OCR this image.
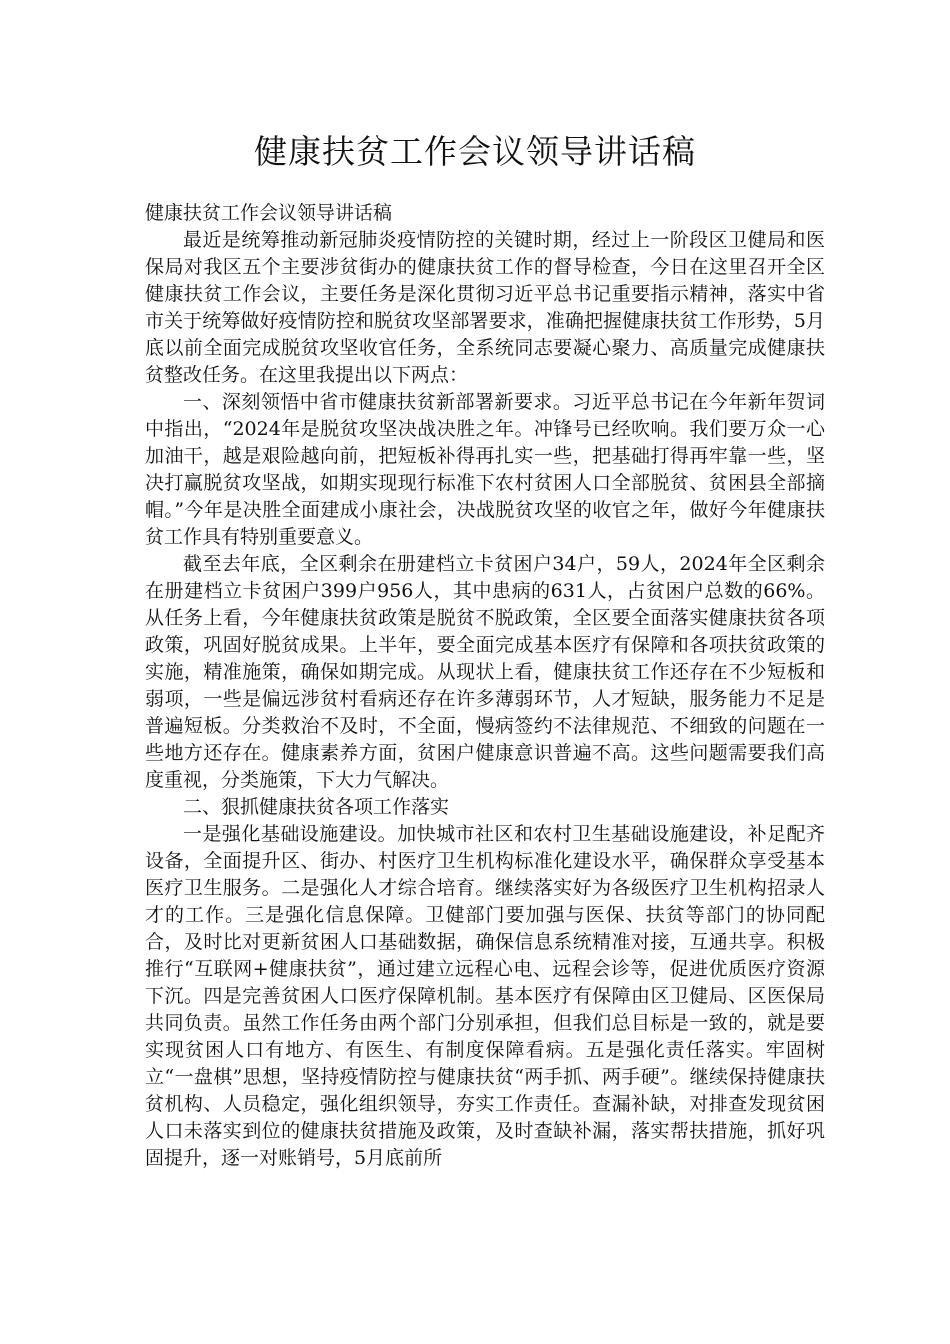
健康扶贫工作会议领导讲话稿

健康扶贫工作会议领导讲话稿

最近是统筹推动新冠肺炎疫情防控的关键时期，经过上一阶段区卫健局和医保局对我区五个主要涉贫街办的健康扶贫工作的督导检查，今日在这里召开全区健康扶贫工作会议，主要任务是深化贯彻习近平总书记重要指示精神，落实中省市关于统筹做好疫情防控和脱贫攻坚部署要求，准确把握健康扶贫工作形势，5月底以前全面完成脱贫攻坚收官任务，全系统同志要凝心聚力、高质量完成健康扶贫整改任务。在这里我提出以下两点：

一、深刻领悟中省市健康扶贫新部署新要求。习近平总书记在今年新年贺词中指出，“2024年是脱贫攻坚决战决胜之年。冲锋号已经吹响。我们要万众一心加油干，越是艰险越向前，把短板补得再扎实一些，把基础打得再牢靠一些，坚决打赢脱贫攻坚战，如期实现现行标准下农村贫困人口全部脱贫、贫困县全部摘帽。”今年是决胜全面建成小康社会，决战脱贫攻坚的收官之年，做好今年健康扶贫工作具有特别重要意义。

截至去年底，全区剩余在册建档立卡贫困户34户，59人，2024年全区剩余在册建档立卡贫困户399户956人，其中患病的631人，占贫困户总数的66%。从任务上看，今年健康扶贫政策是脱贫不脱政策，全区要全面落实健康扶贫各项政策，巩固好脱贫成果。上半年，要全面完成基本医疗有保障和各项扶贫政策的实施，精准施策，确保如期完成。从现状上看，健康扶贫工作还存在不少短板和弱项，一些是偏远涉贫村看病还存在许多薄弱环节，人才短缺，服务能力不足是普遍短板。分类救治不及时，不全面，慢病签约不法律规范、不细致的问题在一些地方还存在。健康素养方面，贫困户健康意识普遍不高。这些问题需要我们高度重视，分类施策，下大力气解决。

二、狠抓健康扶贫各项工作落实

一是强化基础设施建设。加快城市社区和农村卫生基础设施建设，补足配齐设备，全面提升区、街办、村医疗卫生机构标准化建设水平，确保群众享受基本医疗卫生服务。二是强化人才综合培育。继续落实好为各级医疗卫生机构招录人才的工作。三是强化信息保障。卫健部门要加强与医保、扶贫等部门的协同配合，及时比对更新贫困人口基础数据，确保信息系统精准对接，互通共享。积极推行“互联网+健康扶贫”，通过建立远程心电、远程会诊等，促进优质医疗资源下沉。四是完善贫困人口医疗保障机制。基本医疗有保障由区卫健局、区医保局共同负责。虽然工作任务由两个部门分别承担，但我们总目标是一致的，就是要实现贫困人口有地方、有医生、有制度保障看病。五是强化责任落实。牢固树立“一盘棋”思想，坚持疫情防控与健康扶贫“两手抓、两手硬”。继续保持健康扶贫机构、人员稳定，强化组织领导，夯实工作责任。查漏补缺，对排查发现贫困人口未落实到位的健康扶贫措施及政策，及时查缺补漏，落实帮扶措施，抓好巩固提升，逐一对账销号，5月底前所
